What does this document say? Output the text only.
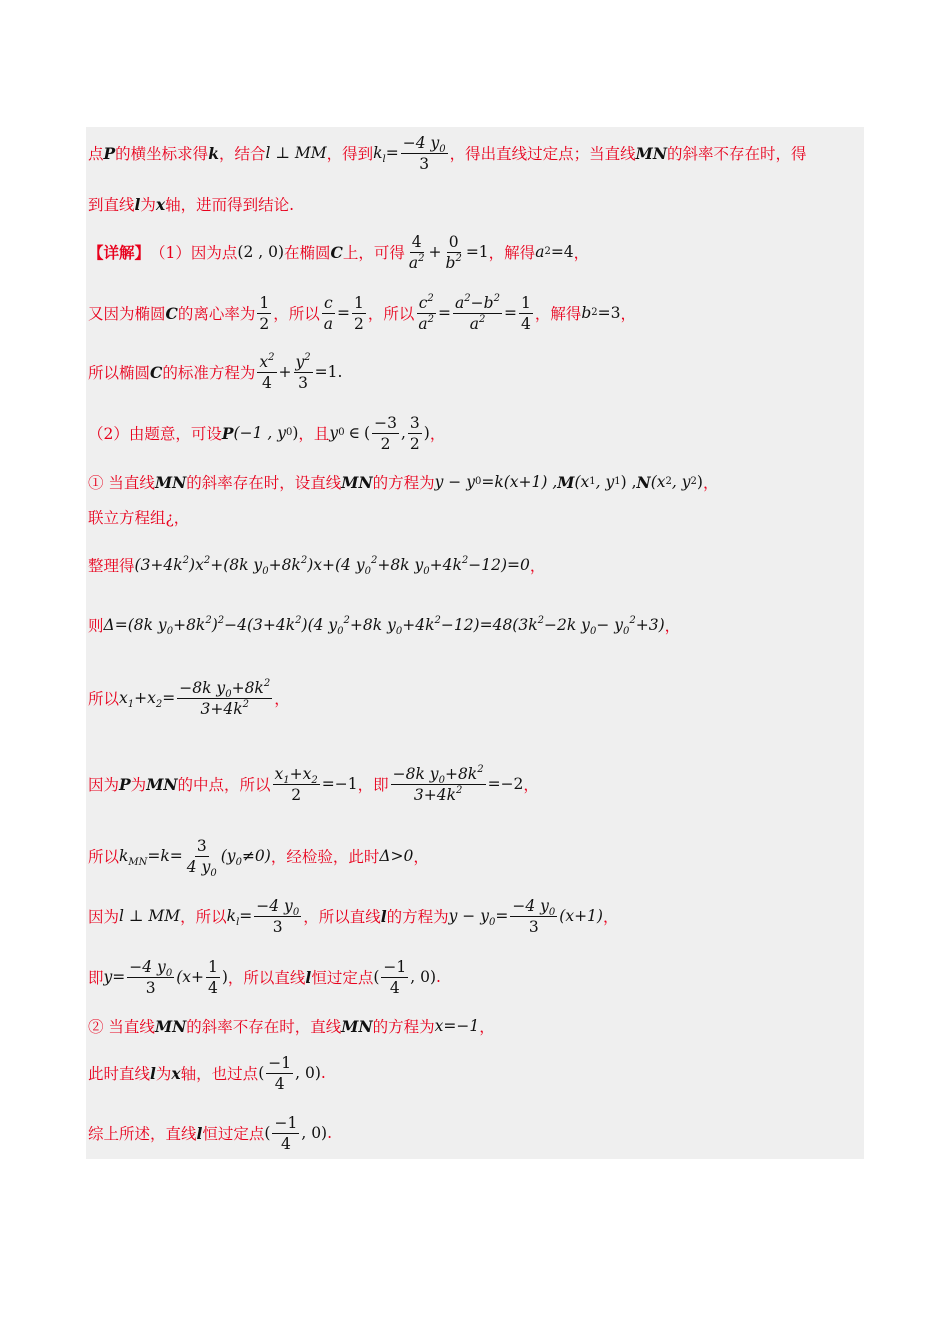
点 P 的横坐标求得 k ，结合 l ⊥ MM ，得到 $k_l = \frac{-4 y_0}{3}$ ，得出直线过定点；当直线 MN 的斜率不存在时，得
到直线 l 为 x 轴，进而得到结论.
【详解】 （1）因为点 (2 , 0) 在椭圆 C 上，可得 $\frac{4}{a^2} + \frac{0}{b^2} =1$ ，解得 a 2 =4 ，
又因为椭圆 C 的离心率为 $\frac{1}{2}$ ，所以 $\frac{c}{a} = \frac{1}{2}$ ，所以 $\frac{c^2}{a^2} = \frac{a^2-b^2}{a^2} = \frac{1}{4}$ ，解得 b 2 =3 ，
所以椭圆 C 的标准方程为 $\frac{x^2}{4} + \frac{y^2}{3} =1$.
（2）由题意，可设 P (−1 , y 0 ) ，且 y 0 ∈ ( $\frac{-3}{2}$ , $\frac{3}{2}$ ) ，
① 当直线 MN 的斜率存在时，设直线 MN 的方程为 y − y 0 =k(x+1) , M (x 1 , y 1 ) , N (x 2 , y 2 ) ，
联立方程组¿，
整理得 $(3+4k^2)x^2+(8k$ $y_0+8k^2)x+(4$ $y_0^2+8k$ $y_0+4k^2-12)=0$ ，
则 Δ=(8k $y_0+8k^2)^2-4(3+4k^2)(4$ $y_0^2+8k$ $y_0+4k^2-12)=48(3k^2-2k$ $y_0- y_0^2+3$) ，
所以 $x_1+x_2= \frac{-8k y_0+8k^2}{3+4k^2}$ ，
因为 P 为 MN 的中点，所以 $\frac{x_1+x_2}{2} =-1$ ，即 $\frac{-8k y_0+8k^2}{3+4k^2} =-2$ ，
所以 $k_{MN}=k= \frac{3}{4 y_0} (y_0\ne 0)$ ，经检验，此时 Δ>0 ，
因为 l ⊥ MM ，所以 $k_l= \frac{-4 y_0}{3}$ ，所以直线 l 的方程为 $y - y_0= \frac{-4 y_0}{3} (x+1)$ ，
即 $y= \frac{-4 y_0}{3} (x+ \frac{1}{4}$ ) ，所以直线 l 恒过定点 ( $\frac{-1}{4}$ , 0) .
② 当直线 MN 的斜率不存在时，直线 MN 的方程为 x=−1 ，
此时直线 l 为 x 轴，也过点 ( $\frac{-1}{4}$ , 0) .
综上所述，直线 l 恒过定点 ( $\frac{-1}{4}$ , 0) .
